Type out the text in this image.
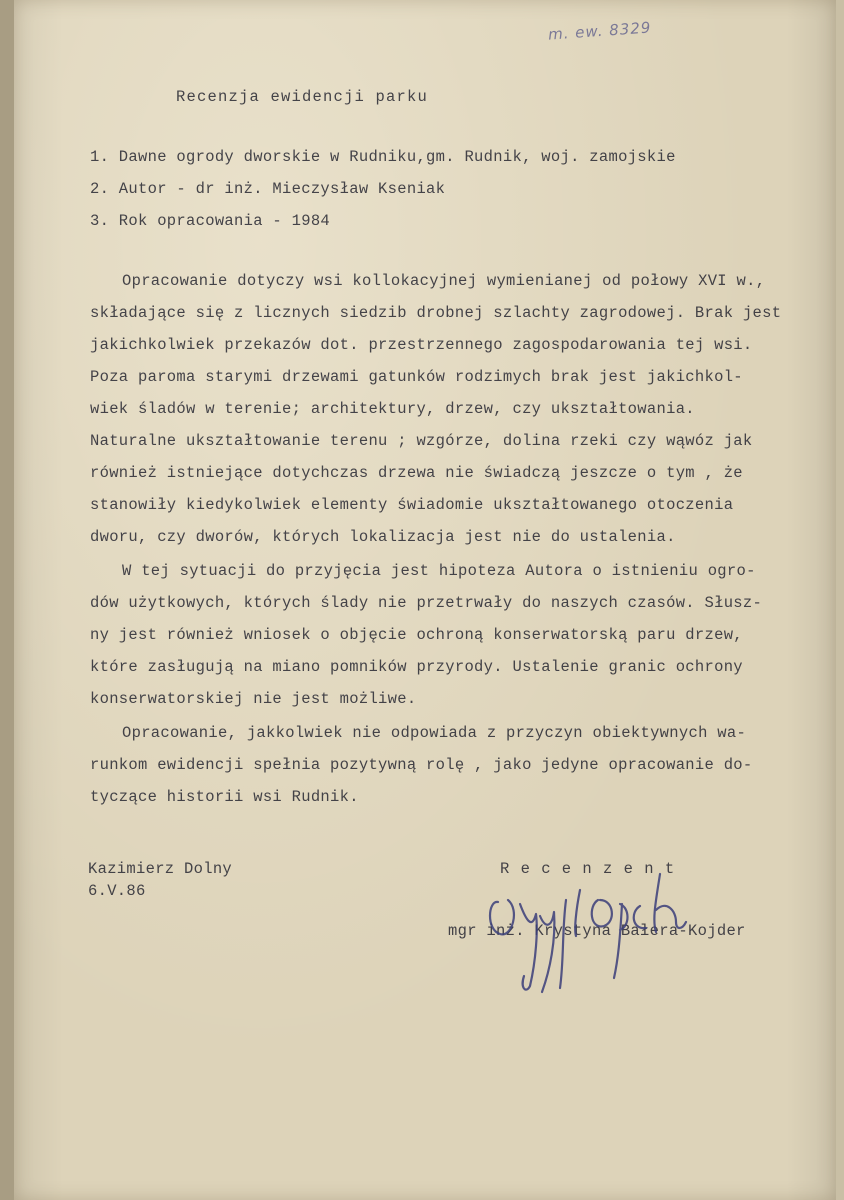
m. ew. 8329
Recenzja ewidencji parku
1. Dawne ogrody dworskie w Rudniku,gm. Rudnik, woj. zamojskie
2. Autor - dr inż. Mieczysław Kseniak
3. Rok opracowania - 1984
Opracowanie dotyczy wsi kollokacyjnej wymienianej od połowy XVI w.,
składające się z licznych siedzib drobnej szlachty zagrodowej. Brak jest
jakichkolwiek przekazów dot. przestrzennego zagospodarowania tej wsi.
Poza paroma starymi drzewami gatunków rodzimych brak jest jakichkol-
wiek śladów w terenie; architektury, drzew, czy ukształtowania.
Naturalne ukształtowanie terenu ; wzgórze, dolina rzeki czy wąwóz jak
również istniejące dotychczas drzewa nie świadczą jeszcze o tym , że
stanowiły kiedykolwiek elementy świadomie ukształtowanego otoczenia
dworu, czy dworów, których lokalizacja jest nie do ustalenia.
W tej sytuacji do przyjęcia jest hipoteza Autora o istnieniu ogro-
dów użytkowych, których ślady nie przetrwały do naszych czasów. Słusz-
ny jest również wniosek o objęcie ochroną konserwatorską paru drzew,
które zasługują na miano pomników przyrody. Ustalenie granic ochrony
konserwatorskiej nie jest możliwe.
Opracowanie, jakkolwiek nie odpowiada z przyczyn obiektywnych wa-
runkom ewidencji spełnia pozytywną rolę , jako jedyne opracowanie do-
tyczące historii wsi Rudnik.
Kazimierz Dolny
6.V.86
R e c e n z e n t
mgr inż. Krystyna Bałera-Kojder
